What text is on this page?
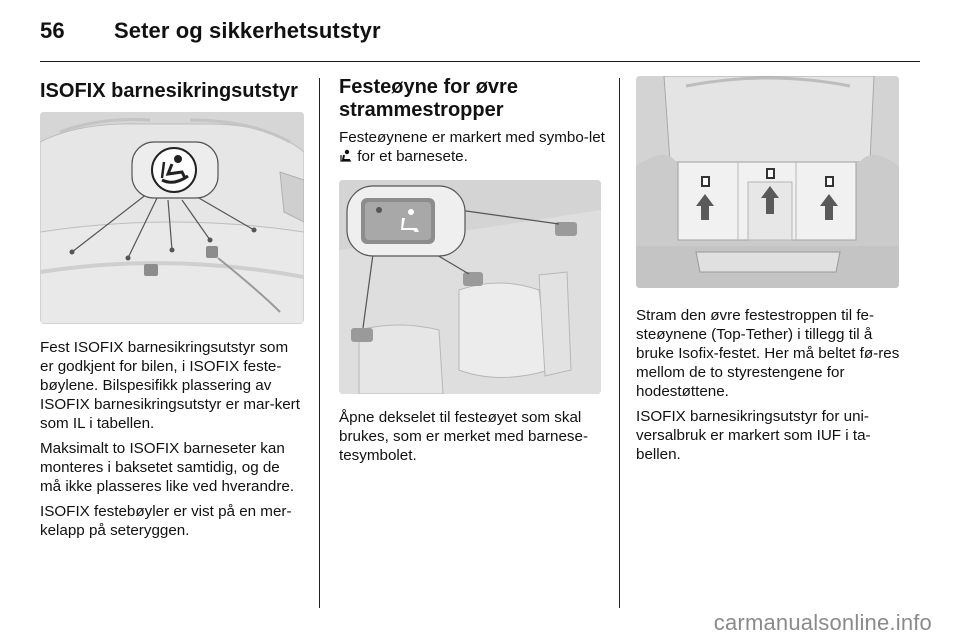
56 Seter og sikkerhetsutstyr
ISOFIX barnesikringsutstyr

Fest ISOFIX barnesikringsutstyr som er godkjent for bilen, i ISOFIX feste-bøylene. Bilspesifikk plassering av ISOFIX barnesikringsutstyr er mar-kert som IL i tabellen.

Maksimalt to ISOFIX barneseter kan monteres i baksetet samtidig, og de må ikke plasseres like ved hverandre.

ISOFIX festebøyler er vist på en mer-kelapp på seteryggen.

Festeøyne for øvre strammestropper

Festeøynene er markert med symbo-let  for et barnesete.

Åpne dekselet til festeøyet som skal brukes, som er merket med barnese-tesymbolet.

Stram den øvre festestroppen til fe-steøynene (Top-Tether) i tillegg til å bruke Isofix-festet. Her må beltet fø-res mellom de to styrestengene for hodestøttene.

ISOFIX barnesikringsutstyr for uni-versalbruk er markert som IUF i ta-bellen.

carmanualsonline.info
